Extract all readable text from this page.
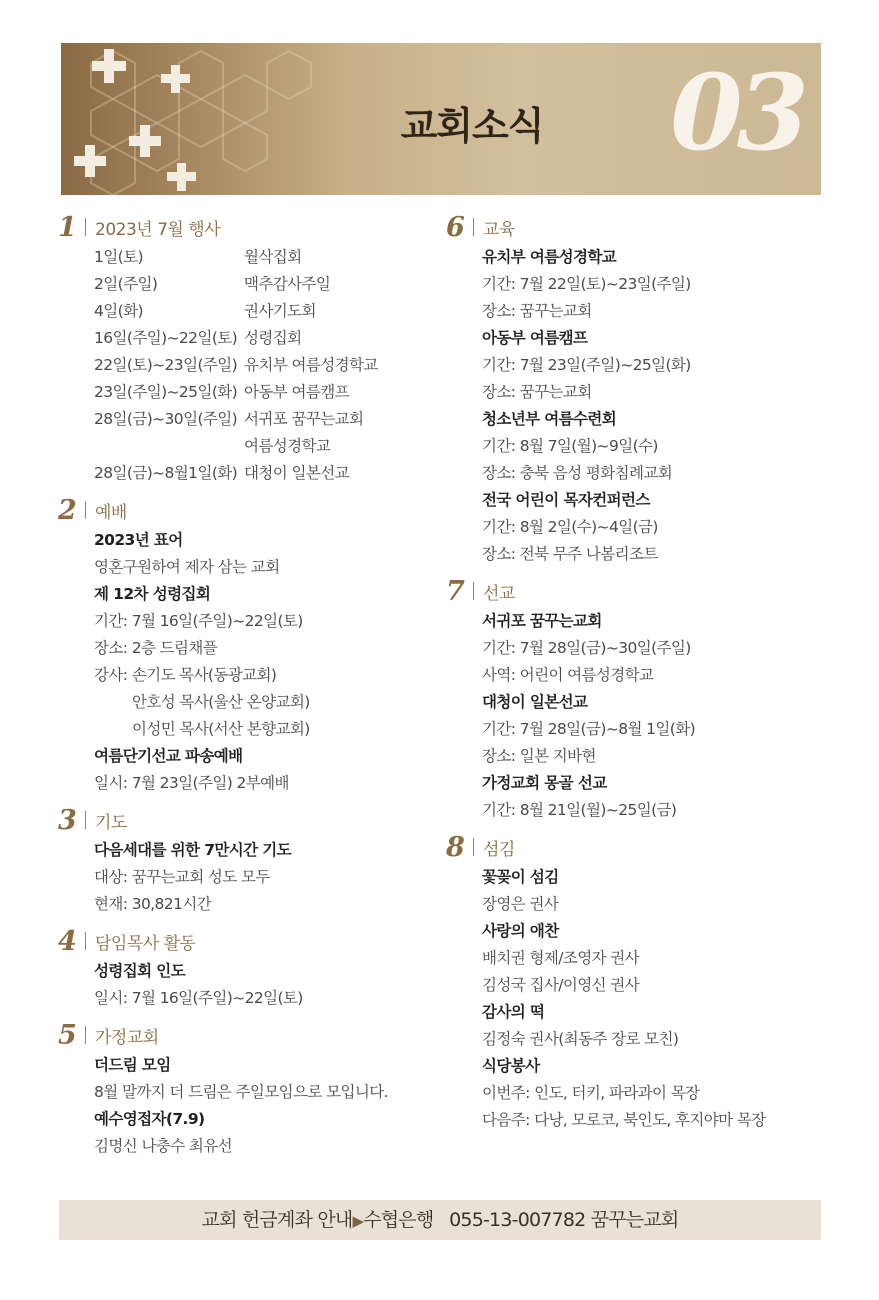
교회소식	03
1 2023년 7월 행사
1일(토)	월삭집회
2일(주일)	맥추감사주일
4일(화)	권사기도회
16일(주일)~22일(토) 성령집회
22일(토)~23일(주일) 유치부 여름성경학교
23일(주일)~25일(화) 아동부 여름캠프
28일(금)~30일(주일) 서귀포 꿈꾸는교회
여름성경학교
28일(금)~8월1일(화) 대청이 일본선교
2 예배
2023년 표어
영혼구원하여 제자 삼는 교회
제 12차 성령집회
기간: 7월 16일(주일)~22일(토)
장소: 2층 드림채플
강사: 손기도 목사(동광교회)
안호성 목사(울산 온양교회)
이성민 목사(서산 본향교회)
여름단기선교 파송예배
일시: 7월 23일(주일) 2부예배
3 기도
다음세대를 위한 7만시간 기도
대상: 꿈꾸는교회 성도 모두
현재: 30,821시간
4 담임목사 활동
성령집회 인도
일시: 7월 16일(주일)~22일(토)
5 가정교회
더드림 모임
8월 말까지 더 드림은 주일모임으로 모입니다.
예수영접자(7.9)
김명신 나충수 최유선
6 교육
유치부 여름성경학교
기간: 7월 22일(토)~23일(주일)
장소: 꿈꾸는교회
아동부 여름캠프
기간: 7월 23일(주일)~25일(화)
장소: 꿈꾸는교회
청소년부 여름수련회
기간: 8월 7일(월)~9일(수)
장소: 충북 음성 평화침례교회
전국 어린이 목자컨퍼런스
기간: 8월 2일(수)~4일(금)
장소: 전북 무주 나봄리조트
7 선교
서귀포 꿈꾸는교회
기간: 7월 28일(금)~30일(주일)
사역: 어린이 여름성경학교
대청이 일본선교
기간: 7월 28일(금)~8월 1일(화)
장소: 일본 지바현
가정교회 몽골 선교
기간: 8월 21일(월)~25일(금)
8 섬김
꽃꽂이 섬김
장영은 권사
사랑의 애찬
배치권 형제/조영자 권사
김성국 집사/이영신 권사
감사의 떡
김정숙 권사(최동주 장로 모친)
식당봉사
이번주: 인도, 터키, 파라과이 목장
다음주: 다낭, 모로코, 북인도, 후지야마 목장
교회 헌금계좌 안내▶수협은행 055-13-007782 꿈꾸는교회
